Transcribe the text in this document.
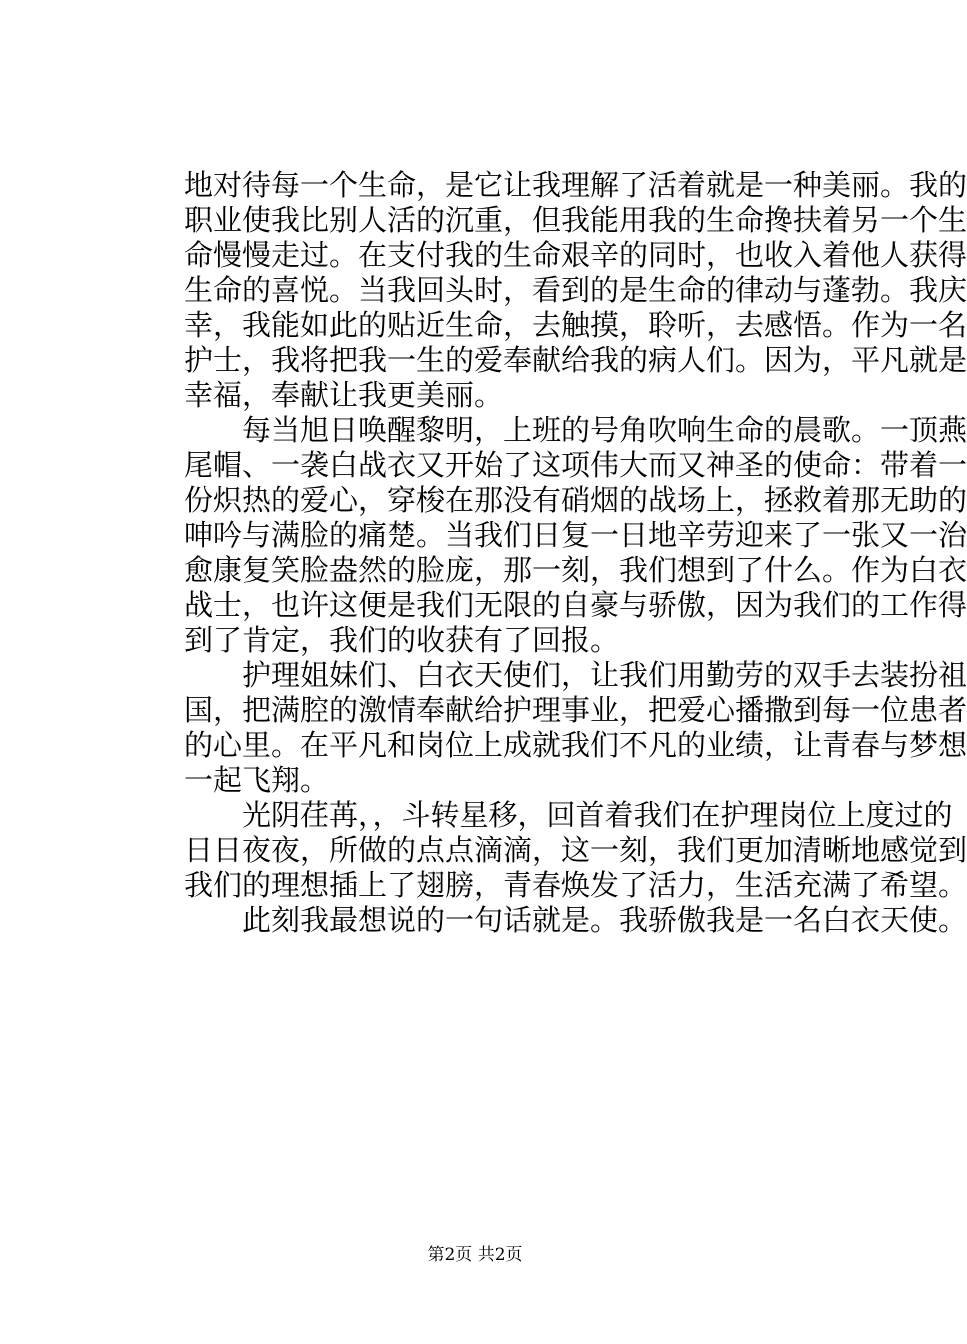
地对待每一个生命，是它让我理解了活着就是一种美丽。我的
职业使我比别人活的沉重，但我能用我的生命搀扶着另一个生
命慢慢走过。在支付我的生命艰辛的同时，也收入着他人获得
生命的喜悦。当我回头时，看到的是生命的律动与蓬勃。我庆
幸，我能如此的贴近生命，去触摸，聆听，去感悟。作为一名
护士，我将把我一生的爱奉献给我的病人们。因为，平凡就是
幸福，奉献让我更美丽。
　　每当旭日唤醒黎明，上班的号角吹响生命的晨歌。一顶燕
尾帽、一袭白战衣又开始了这项伟大而又神圣的使命：带着一
份炽热的爱心，穿梭在那没有硝烟的战场上，拯救着那无助的
呻吟与满脸的痛楚。当我们日复一日地辛劳迎来了一张又一治
愈康复笑脸盎然的脸庞，那一刻，我们想到了什么。作为白衣
战士，也许这便是我们无限的自豪与骄傲，因为我们的工作得
到了肯定，我们的收获有了回报。
　　护理姐妹们、白衣天使们，让我们用勤劳的双手去装扮祖
国，把满腔的激情奉献给护理事业，把爱心播撒到每一位患者
的心里。在平凡和岗位上成就我们不凡的业绩，让青春与梦想
一起飞翔。
　　光阴荏苒，，斗转星移，回首着我们在护理岗位上度过的
日日夜夜，所做的点点滴滴，这一刻，我们更加清晰地感觉到
我们的理想插上了翅膀，青春焕发了活力，生活充满了希望。
　　此刻我最想说的一句话就是。我骄傲我是一名白衣天使。
第2页 共2页
